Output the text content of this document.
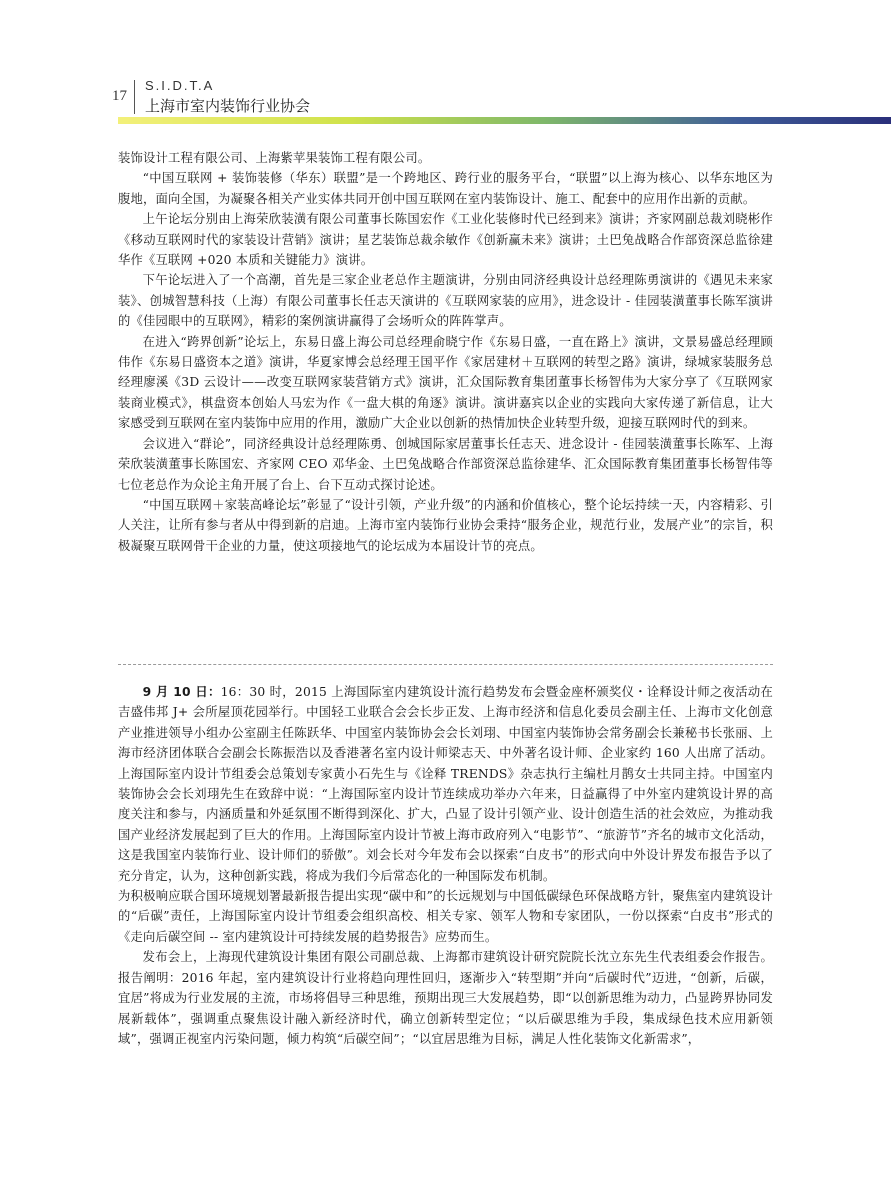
17
S.I.D.T.A
上海市室内装饰行业协会

装饰设计工程有限公司、上海紫苹果装饰工程有限公司。

“中国互联网 + 装饰装修（华东）联盟”是一个跨地区、跨行业的服务平台，“联盟”以上海为核心、以华东地区为腹地，面向全国，为凝聚各相关产业实体共同开创中国互联网在室内装饰设计、施工、配套中的应用作出新的贡献。

上午论坛分别由上海荣欣装潢有限公司董事长陈国宏作《工业化装修时代已经到来》演讲；齐家网副总裁刘晓彬作《移动互联网时代的家装设计营销》演讲；星艺装饰总裁余敏作《创新赢未来》演讲；土巴兔战略合作部资深总监徐建华作《互联网 +020 本质和关键能力》演讲。

下午论坛进入了一个高潮，首先是三家企业老总作主题演讲，分别由同济经典设计总经理陈勇演讲的《遇见未来家装》、创城智慧科技（上海）有限公司董事长任志天演讲的《互联网家装的应用》，进念设计 - 佳园装潢董事长陈军演讲的《佳园眼中的互联网》，精彩的案例演讲赢得了会场听众的阵阵掌声。

在进入“跨界创新”论坛上，东易日盛上海公司总经理俞晓宁作《东易日盛，一直在路上》演讲，文景易盛总经理顾伟作《东易日盛资本之道》演讲，华夏家博会总经理王国平作《家居建材＋互联网的转型之路》演讲，绿城家装服务总经理廖溪《3D 云设计——改变互联网家装营销方式》演讲，汇众国际教育集团董事长杨智伟为大家分享了《互联网家装商业模式》，棋盘资本创始人马宏为作《一盘大棋的角逐》演讲。演讲嘉宾以企业的实践向大家传递了新信息，让大家感受到互联网在室内装饰中应用的作用，激励广大企业以创新的热情加快企业转型升级，迎接互联网时代的到来。

会议进入“群论”，同济经典设计总经理陈勇、创城国际家居董事长任志天、进念设计 - 佳园装潢董事长陈军、上海荣欣装潢董事长陈国宏、齐家网 CEO 邓华金、土巴兔战略合作部资深总监徐建华、汇众国际教育集团董事长杨智伟等七位老总作为众论主角开展了台上、台下互动式探讨论述。

“中国互联网＋家装高峰论坛”彰显了“设计引领，产业升级”的内涵和价值核心，整个论坛持续一天，内容精彩、引人关注，让所有参与者从中得到新的启迪。上海市室内装饰行业协会秉持“服务企业，规范行业，发展产业”的宗旨，积极凝聚互联网骨干企业的力量，使这项接地气的论坛成为本届设计节的亮点。

9 月 10 日：16：30 时，2015 上海国际室内建筑设计流行趋势发布会暨金座杯颁奖仪・诠释设计师之夜活动在吉盛伟邦 J+ 会所屋顶花园举行。中国轻工业联合会会长步正发、上海市经济和信息化委员会副主任、上海市文化创意产业推进领导小组办公室副主任陈跃华、中国室内装饰协会会长刘珝、中国室内装饰协会常务副会长兼秘书长张丽、上海市经济团体联合会副会长陈振浩以及香港著名室内设计师梁志天、中外著名设计师、企业家约 160 人出席了活动。上海国际室内设计节组委会总策划专家黄小石先生与《诠释 TRENDS》杂志执行主编杜月鹊女士共同主持。中国室内装饰协会会长刘珝先生在致辞中说：“上海国际室内设计节连续成功举办六年来，日益赢得了中外室内建筑设计界的高度关注和参与，内涵质量和外延氛围不断得到深化、扩大，凸显了设计引领产业、设计创造生活的社会效应，为推动我国产业经济发展起到了巨大的作用。上海国际室内设计节被上海市政府列入“电影节”、“旅游节”齐名的城市文化活动，这是我国室内装饰行业、设计师们的骄傲”。刘会长对今年发布会以探索“白皮书”的形式向中外设计界发布报告予以了充分肯定，认为，这种创新实践，将成为我们今后常态化的一种国际发布机制。

为积极响应联合国环境规划署最新报告提出实现“碳中和”的长远规划与中国低碳绿色环保战略方针，聚焦室内建筑设计的“后碳”责任，上海国际室内设计节组委会组织高校、相关专家、领军人物和专家团队，一份以探索“白皮书”形式的《走向后碳空间 -- 室内建筑设计可持续发展的趋势报告》应势而生。

发布会上，上海现代建筑设计集团有限公司副总裁、上海都市建筑设计研究院院长沈立东先生代表组委会作报告。报告阐明：2016 年起，室内建筑设计行业将趋向理性回归，逐渐步入“转型期”并向“后碳时代”迈进，“创新，后碳，宜居”将成为行业发展的主流，市场将倡导三种思维，预期出现三大发展趋势，即“以创新思维为动力，凸显跨界协同发展新载体”，强调重点聚焦设计融入新经济时代，确立创新转型定位；“以后碳思维为手段，集成绿色技术应用新领域”，强调正视室内污染问题，倾力构筑“后碳空间”；“以宜居思维为目标，满足人性化装饰文化新需求”，
